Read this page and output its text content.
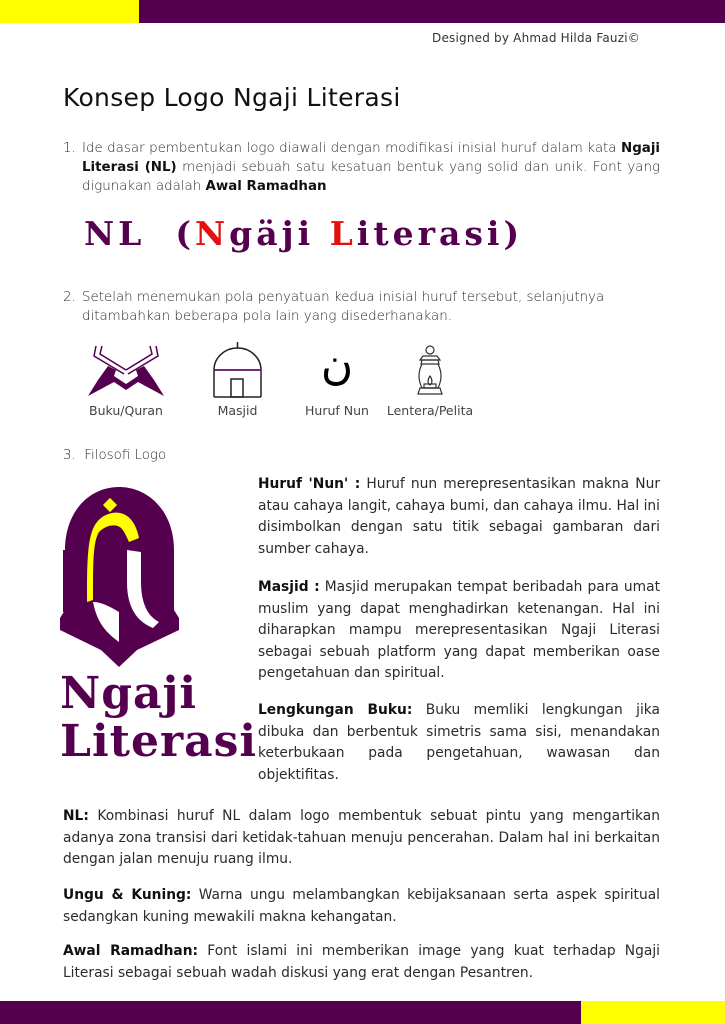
Designed by Ahmad Hilda Fauzi©
Konsep Logo Ngaji Literasi
1. Ide dasar pembentukan logo diawali dengan modifikasi inisial huruf dalam kata Ngaji Literasi (NL) menjadi sebuah satu kesatuan bentuk yang solid dan unik. Font yang digunakan adalah Awal Ramadhan
NL (Ngäji Literasi)
2. Setelah menemukan pola penyatuan kedua inisial huruf tersebut, selanjutnya ditambahkan beberapa pola lain yang disederhanakan.
Buku/Quran	Masjid
ن
Huruf Nun	Lentera/Pelita
3. Filosofi Logo
Ngaji
Literasi
Huruf 'Nun' : Huruf nun merepresentasikan makna Nur atau cahaya langit, cahaya bumi, dan cahaya ilmu. Hal ini disimbolkan dengan satu titik sebagai gambaran dari sumber cahaya.
Masjid : Masjid merupakan tempat beribadah para umat muslim yang dapat menghadirkan ketenangan. Hal ini diharapkan mampu merepresentasikan Ngaji Literasi sebagai sebuah platform yang dapat memberikan oase pengetahuan dan spiritual.
Lengkungan Buku: Buku memliki lengkungan jika dibuka dan berbentuk simetris sama sisi, menandakan keterbukaan pada pengetahuan, wawasan dan objektifitas.
NL: Kombinasi huruf NL dalam logo membentuk sebuat pintu yang mengartikan adanya zona transisi dari ketidak-tahuan menuju pencerahan. Dalam hal ini berkaitan dengan jalan menuju ruang ilmu.
Ungu & Kuning: Warna ungu melambangkan kebijaksanaan serta aspek spiritual sedangkan kuning mewakili makna kehangatan.
Awal Ramadhan: Font islami ini memberikan image yang kuat terhadap Ngaji Literasi sebagai sebuah wadah diskusi yang erat dengan Pesantren.
